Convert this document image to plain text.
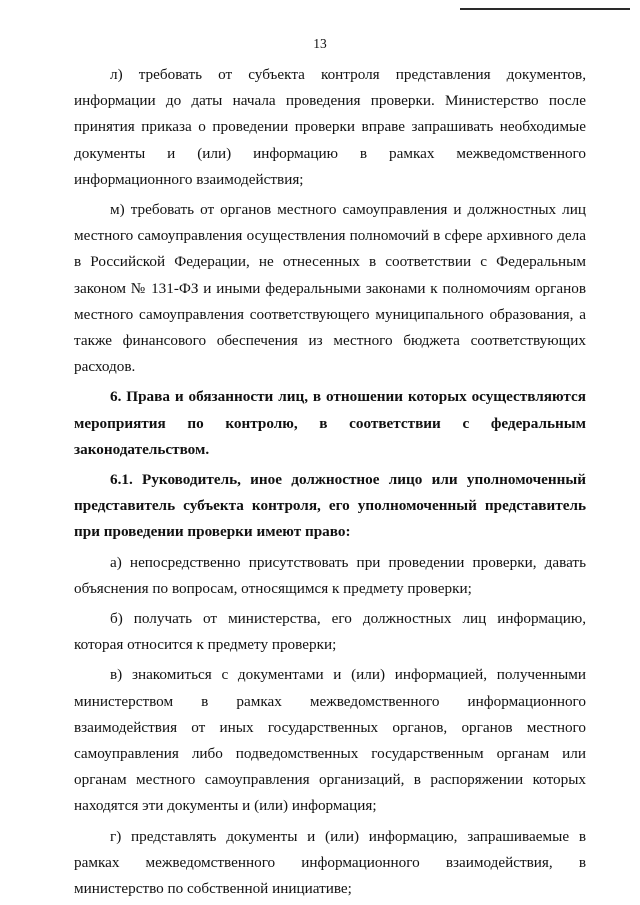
13

л) требовать от субъекта контроля представления документов, информации до даты начала проведения проверки. Министерство после принятия приказа о проведении проверки вправе запрашивать необходимые документы и (или) информацию в рамках межведомственного информационного взаимодействия;

м) требовать от органов местного самоуправления и должностных лиц местного самоуправления осуществления полномочий в сфере архивного дела в Российской Федерации, не отнесенных в соответствии с Федеральным законом № 131-ФЗ и иными федеральными законами к полномочиям органов местного самоуправления соответствующего муниципального образования, а также финансового обеспечения из местного бюджета соответствующих расходов.

6. Права и обязанности лиц, в отношении которых осуществляются мероприятия по контролю, в соответствии с федеральным законодательством.

6.1. Руководитель, иное должностное лицо или уполномоченный представитель субъекта контроля, его уполномоченный представитель при проведении проверки имеют право:

а) непосредственно присутствовать при проведении проверки, давать объяснения по вопросам, относящимся к предмету проверки;

б) получать от министерства, его должностных лиц информацию, которая относится к предмету проверки;

в) знакомиться с документами и (или) информацией, полученными министерством в рамках межведомственного информационного взаимодействия от иных государственных органов, органов местного самоуправления либо подведомственных государственным органам или органам местного самоуправления организаций, в распоряжении которых находятся эти документы и (или) информация;

г) представлять документы и (или) информацию, запрашиваемые в рамках межведомственного информационного взаимодействия, в министерство по собственной инициативе;
